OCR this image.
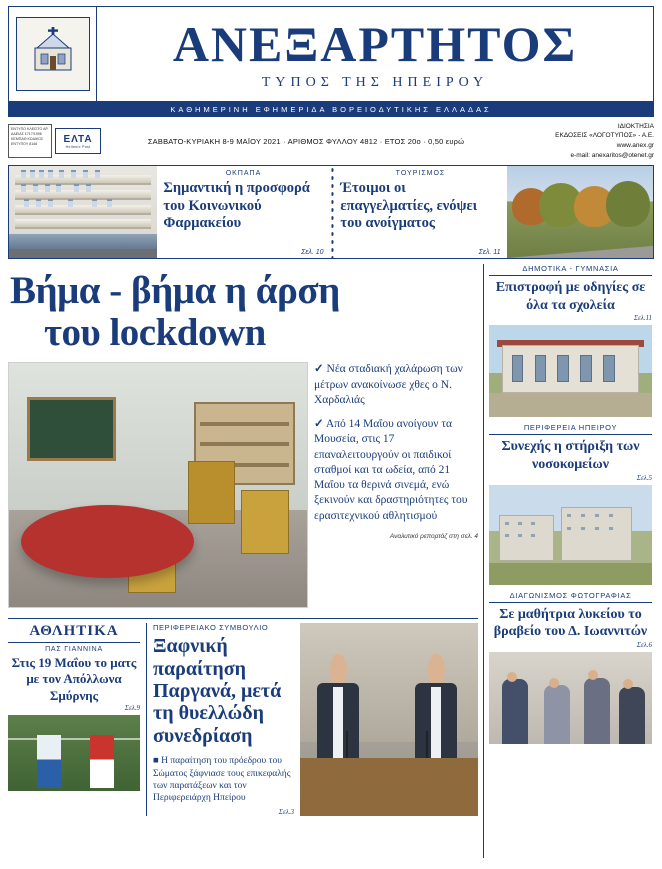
ΑΝΕΞΑΡΤΗΤΟΣ
ΤΥΠΟΣ ΤΗΣ ΗΠΕΙΡΟΥ
ΚΑΘΗΜΕΡΙΝΗ ΕΦΗΜΕΡΙΔΑ ΒΟΡΕΙΟΔΥΤΙΚΗΣ ΕΛΛΑΔΑΣ
ΕΝΤΥΠΟ ΚΛΕΙΣΤΟ ΑΡ. ΑΔΕΙΑΣ 1717/1996 ΚΕΜΠΑΘ ΚΩΔΙΚΟΣ ΕΝΤΥΠΟΥ 8148	ΕΛΤΑ
Hellenic Post
ΣΑΒΒΑΤΟ-ΚΥΡΙΑΚΗ 8-9 ΜΑΪΟΥ 2021 · ΑΡΙΘΜΟΣ ΦΥΛΛΟΥ 4812 · ΕΤΟΣ 20ο · 0,50 ευρώ
ΙΔΙΟΚΤΗΣΙΑ
ΕΚΔΟΣΕΙΣ «ΛΟΓΟΤΥΠΟΣ» - Α.Ε.
www.anex.gr
e-mail: anexaritos@otenet.gr
ΟΚΠΑΠΑ
Σημαντική η προσφορά του Κοινωνικού Φαρμακείου
Σελ. 10
ΤΟΥΡΙΣΜΟΣ
Έτοιμοι οι επαγγελματίες, ενόψει του ανοίγματος
Σελ. 11
Βήμα - βήμα η άρση
του lockdown

✓ Νέα σταδιακή χαλάρωση των μέτρων ανακοίνωσε χθες ο Ν. Χαρδαλιάς

✓ Από 14 Μαΐου ανοίγουν τα Μουσεία, στις 17 επαναλειτουργούν οι παιδικοί σταθμοί και τα ωδεία, από 21 Μαΐου τα θερινά σινεμά, ενώ ξεκινούν και δραστηριότητες του ερασιτεχνικού αθλητισμού

Αναλυτικό ρεπορτάζ στη σελ. 4
ΑΘΛΗΤΙΚΑ
ΠΑΣ ΓΙΑΝΝΙΝΑ
Στις 19 Μαΐου το ματς με τον Απόλλωνα Σμύρνης
Σελ.9
ΠΕΡΙΦΕΡΕΙΑΚΟ ΣΥΜΒΟΥΛΙΟ
Ξαφνική παραίτηση Παργανά, μετά τη θυελλώδη συνεδρίαση
■ Η παραίτηση του πρόεδρου του Σώματος ξάφνιασε τους επικεφαλής των παρατάξεων και τον Περιφερειάρχη Ηπείρου
Σελ.3
ΔΗΜΟΤΙΚΑ - ΓΥΜΝΑΣΙΑ
Επιστροφή με οδηγίες σε όλα τα σχολεία
Σελ.11
ΠΕΡΙΦΕΡΕΙΑ ΗΠΕΙΡΟΥ
Συνεχής η στήριξη των νοσοκομείων
Σελ.5
ΔΙΑΓΩΝΙΣΜΟΣ ΦΩΤΟΓΡΑΦΙΑΣ
Σε μαθήτρια λυκείου το βραβείο του Δ. Ιωαννιτών
Σελ.6
